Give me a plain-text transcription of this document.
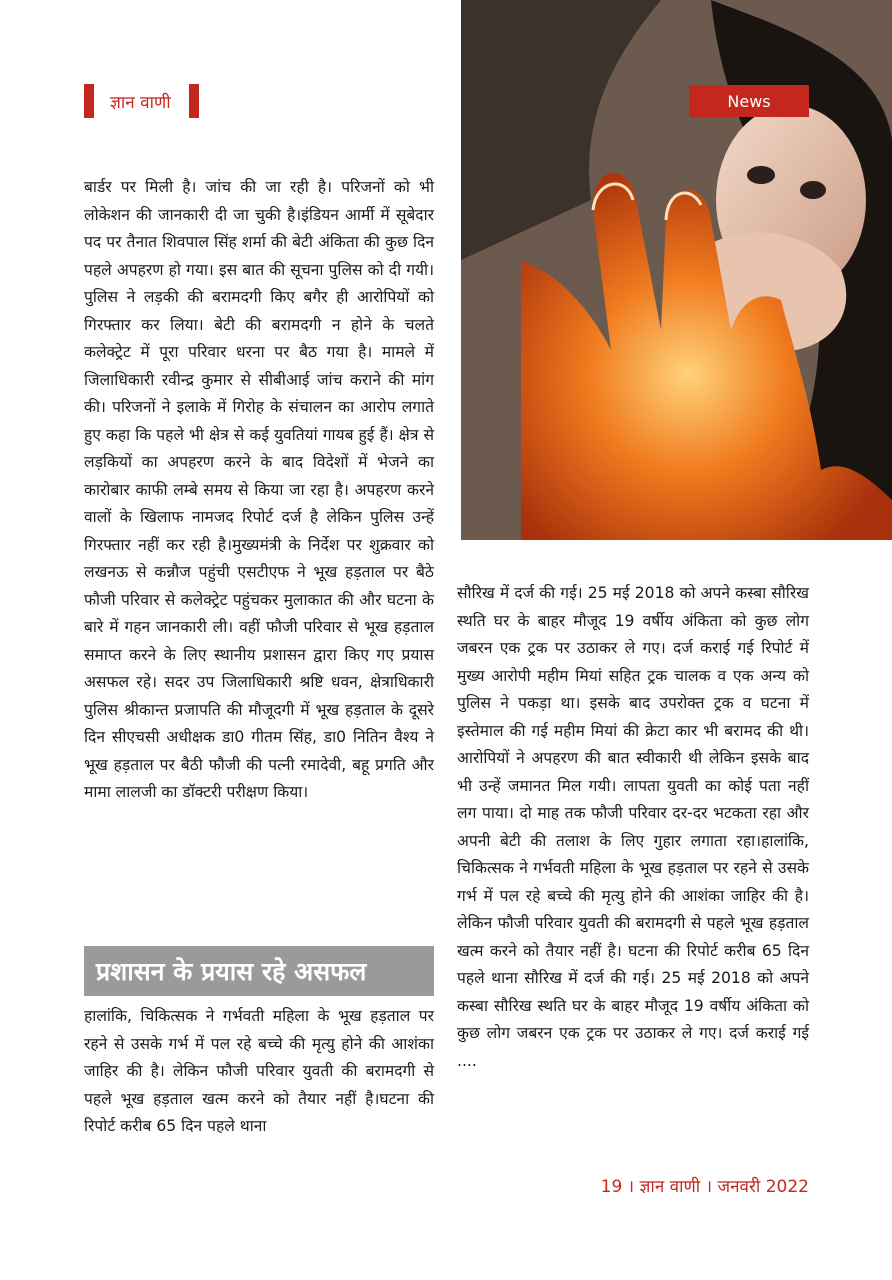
ज्ञान वाणी	News

बार्डर पर मिली है। जांच की जा रही है। परिजनों को भी लोकेशन की जानकारी दी जा चुकी है।इंडियन आर्मी में सूबेदार पद पर तैनात शिवपाल सिंह शर्मा की बेटी अंकिता की कुछ दिन पहले अपहरण हो गया। इस बात की सूचना पुलिस को दी गयी। पुलिस ने लड़की की बरामदगी किए बगैर ही आरोपियों को गिरफ्तार कर लिया। बेटी की बरामदगी न होने के चलते कलेक्ट्रेट में पूरा परिवार धरना पर बैठ गया है। मामले में जिलाधिकारी रवीन्द्र कुमार से सीबीआई जांच कराने की मांग की। परिजनों ने इलाके में गिरोह के संचालन का आरोप लगाते हुए कहा कि पहले भी क्षेत्र से कई युवतियां गायब हुई हैं। क्षेत्र से लड़कियों का अपहरण करने के बाद विदेशों में भेजने का कारोबार काफी लम्बे समय से किया जा रहा है। अपहरण करने वालों के खिलाफ नामजद रिपोर्ट दर्ज है लेकिन पुलिस उन्हें गिरफ्तार नहीं कर रही है।मुख्यमंत्री के निर्देश पर शुक्रवार को लखनऊ से कन्नौज पहुंची एसटीएफ ने भूख हड़ताल पर बैठे फौजी परिवार से कलेक्ट्रेट पहुंचकर मुलाकात की और घटना के बारे में गहन जानकारी ली। वहीं फौजी परिवार से भूख हड़ताल समाप्त करने के लिए स्थानीय प्रशासन द्वारा किए गए प्रयास असफल रहे। सदर उप जिलाधिकारी श्रष्टि धवन, क्षेत्राधिकारी पुलिस श्रीकान्त प्रजापति की मौजूदगी में भूख हड़ताल के दूसरे दिन सीएचसी अधीक्षक डा0 गीतम सिंह, डा0 नितिन वैश्य ने भूख हड़ताल पर बैठी फौजी की पत्नी रमादेवी, बहू प्रगति और मामा लालजी का डॉक्टरी परीक्षण किया।

प्रशासन के प्रयास रहे असफल

हालांकि, चिकित्सक ने गर्भवती महिला के भूख हड़ताल पर रहने से उसके गर्भ में पल रहे बच्चे की मृत्यु होने की आशंका जाहिर की है। लेकिन फौजी परिवार युवती की बरामदगी से पहले भूख हड़ताल खत्म करने को तैयार नहीं है।घटना की रिपोर्ट करीब 65 दिन पहले थाना

सौरिख में दर्ज की गई। 25 मई 2018 को अपने कस्बा सौरिख स्थति घर के बाहर मौजूद 19 वर्षीय अंकिता को कुछ लोग जबरन एक ट्रक पर उठाकर ले गए। दर्ज कराई गई रिपोर्ट में मुख्य आरोपी महीम मियां सहित ट्रक चालक व एक अन्य को पुलिस ने पकड़ा था। इसके बाद उपरोक्त ट्रक व घटना में इस्तेमाल की गई महीम मियां की क्रेटा कार भी बरामद की थी।आरोपियों ने अपहरण की बात स्वीकारी थी लेकिन इसके बाद भी उन्हें जमानत मिल गयी। लापता युवती का कोई पता नहीं लग पाया। दो माह तक फौजी परिवार दर-दर भटकता रहा और अपनी बेटी की तलाश के लिए गुहार लगाता रहा।हालांकि, चिकित्सक ने गर्भवती महिला के भूख हड़ताल पर रहने से उसके गर्भ में पल रहे बच्चे की मृत्यु होने की आशंका जाहिर की है। लेकिन फौजी परिवार युवती की बरामदगी से पहले भूख हड़ताल खत्म करने को तैयार नहीं है। घटना की रिपोर्ट करीब 65 दिन पहले थाना सौरिख में दर्ज की गई। 25 मई 2018 को अपने कस्बा सौरिख स्थति घर के बाहर मौजूद 19 वर्षीय अंकिता को कुछ लोग जबरन एक ट्रक पर उठाकर ले गए। दर्ज कराई गई ....

19 । ज्ञान वाणी । जनवरी 2022
